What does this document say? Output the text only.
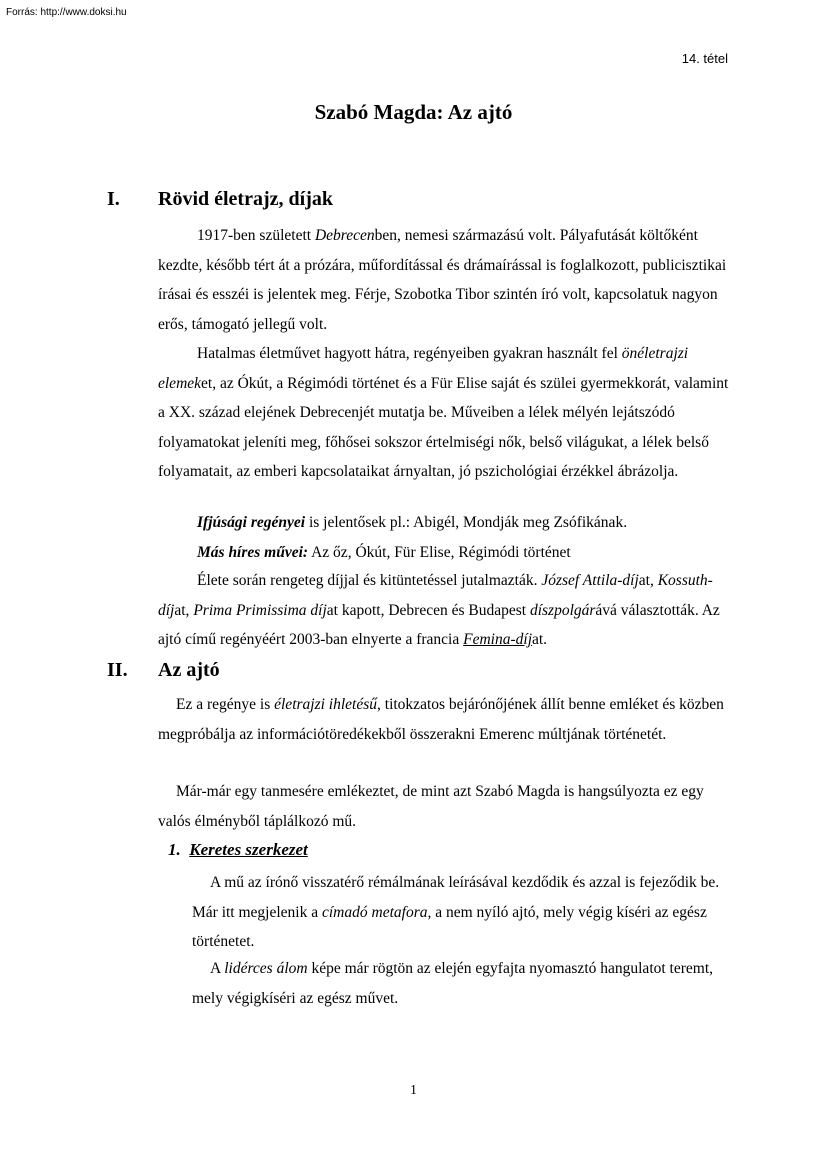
Forrás: http://www.doksi.hu
14. tétel
Szabó Magda: Az ajtó
I. Rövid életrajz, díjak

1917-ben született Debrecenben, nemesi származású volt. Pályafutását költőként kezdte, később tért át a prózára, műfordítással és drámaírással is foglalkozott, publicisztikai írásai és esszéi is jelentek meg. Férje, Szobotka Tibor szintén író volt, kapcsolatuk nagyon erős, támogató jellegű volt.

Hatalmas életművet hagyott hátra, regényeiben gyakran használt fel önéletrajzi elemeket, az Ókút, a Régimódi történet és a Für Elise saját és szülei gyermekkorát, valamint a XX. század elejének Debrecenjét mutatja be. Műveiben a lélek mélyén lejátszódó folyamatokat jeleníti meg, főhősei sokszor értelmiségi nők, belső világukat, a lélek belső folyamatait, az emberi kapcsolataikat árnyaltan, jó pszichológiai érzékkel ábrázolja.

Ifjúsági regényei is jelentősek pl.: Abigél, Mondják meg Zsófikának.

Más híres művei: Az őz, Ókút, Für Elise, Régimódi történet

Élete során rengeteg díjjal és kitüntetéssel jutalmazták. József Attila-díjat, Kossuth-díjat, Prima Primissima díjat kapott, Debrecen és Budapest díszpolgárává választották. Az ajtó című regényéért 2003-ban elnyerte a francia Femina-díjat.

II. Az ajtó

Ez a regénye is életrajzi ihletésű, titokzatos bejárónőjének állít benne emléket és közben megpróbálja az információtöredékekből összerakni Emerenc múltjának történetét.

Már-már egy tanmesére emlékeztet, de mint azt Szabó Magda is hangsúlyozta ez egy valós élményből táplálkozó mű.

1. Keretes szerkezet

A mű az írónő visszatérő rémálmának leírásával kezdődik és azzal is fejeződik be. Már itt megjelenik a címadó metafora, a nem nyíló ajtó, mely végig kíséri az egész történetet.

A lidérces álom képe már rögtön az elején egyfajta nyomasztó hangulatot teremt, mely végigkíséri az egész művet.

1
